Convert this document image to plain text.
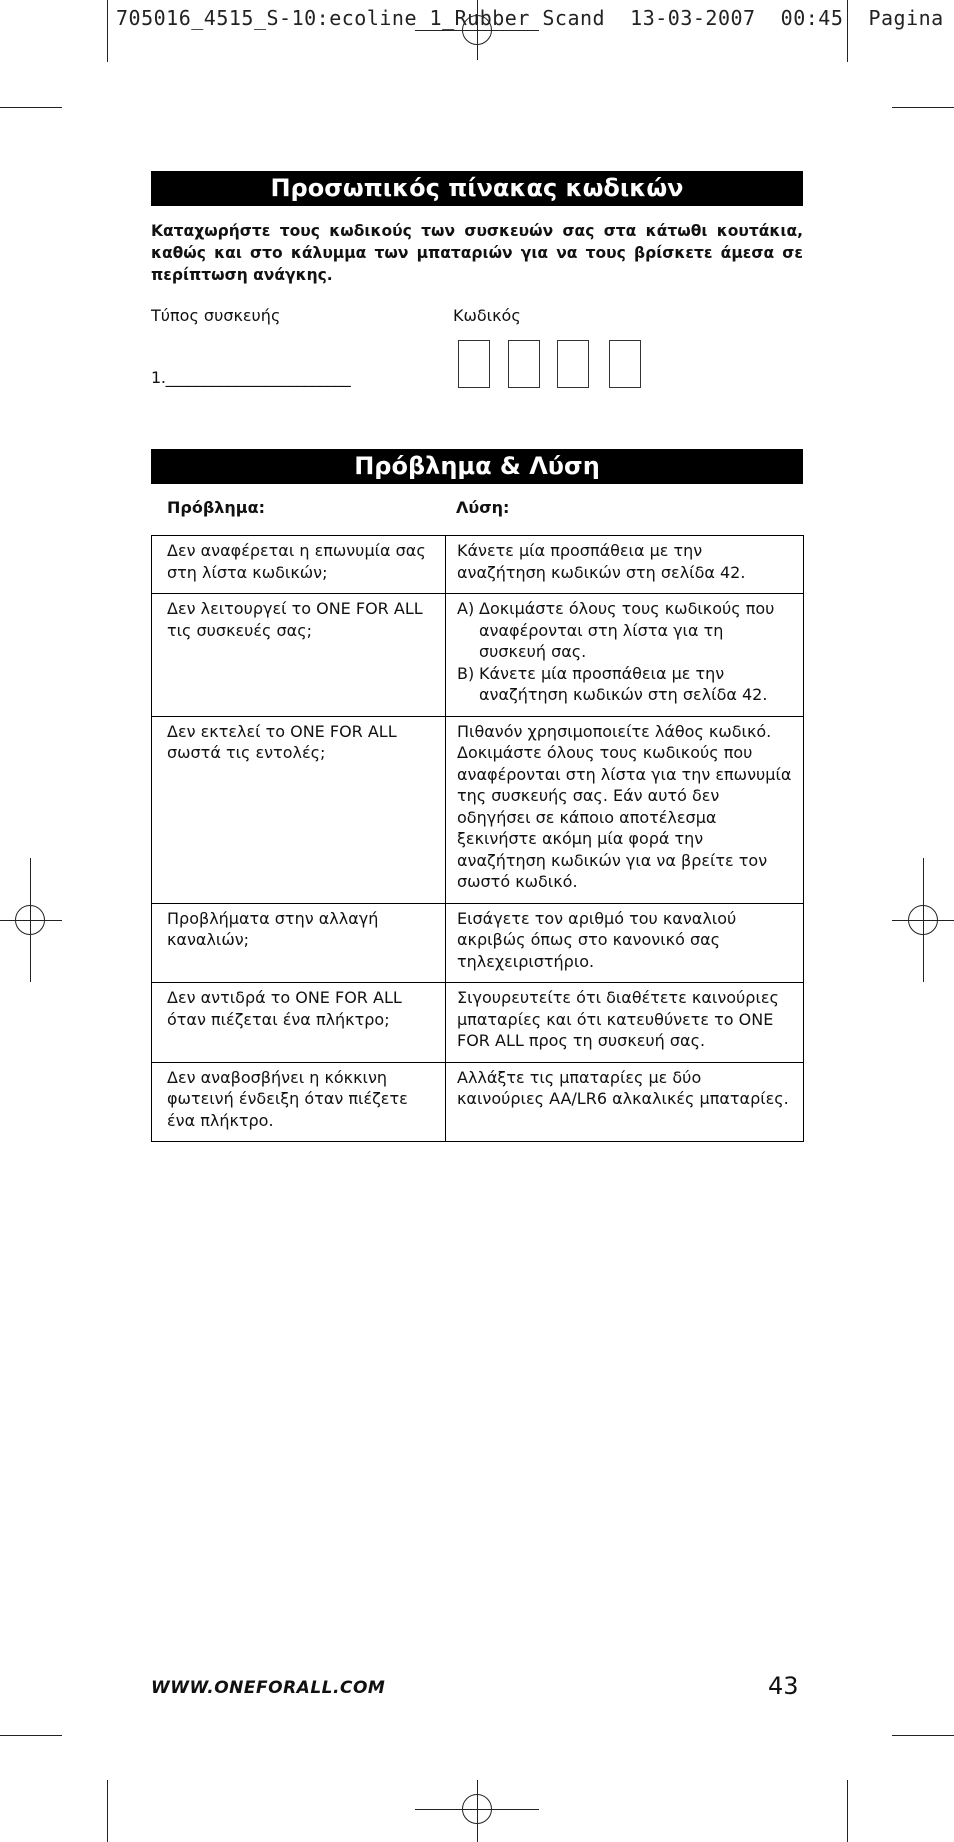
705016_4515_S-10:ecoline 1_Rubber Scand  13-03-2007  00:45  Pagina
Προσωπικός πίνακας κωδικών
Καταχωρήστε τους κωδικούς των συσκευών σας στα κάτωθι κουτάκια, καθώς και στο κάλυμμα των μπαταριών για να τους βρίσκετε άμεσα σε περίπτωση ανάγκης.
Τύπος συσκευής	Κωδικός
1.________________________
Πρόβλημα & Λύση
Πρόβλημα:	Λύση:
Δεν αναφέρεται η επωνυμία σας στη λίστα κωδικών;	Κάνετε μία προσπάθεια με την αναζήτηση κωδικών στη σελίδα 42.
Δεν λειτουργεί το ONE FOR ALL τις συσκευές σας;	A) Δοκιμάστε όλους τους κωδικούς που αναφέρονται στη λίστα για τη συσκευή σας.
B) Κάνετε μία προσπάθεια με την αναζήτηση κωδικών στη σελίδα 42.

Δεν εκτελεί το ONE FOR ALL σωστά τις εντολές;	Πιθανόν χρησιμοποιείτε λάθος κωδικό. Δοκιμάστε όλους τους κωδικούς που αναφέρονται στη λίστα για την επωνυμία της συσκευής σας. Εάν αυτό δεν οδηγήσει σε κάποιο αποτέλεσμα ξεκινήστε ακόμη μία φορά την αναζήτηση κωδικών για να βρείτε τον σωστό κωδικό.
Προβλήματα στην αλλαγή καναλιών;	Εισάγετε τον αριθμό του καναλιού ακριβώς όπως στο κανονικό σας τηλεχειριστήριο.
Δεν αντιδρά το ONE FOR ALL όταν πιέζεται ένα πλήκτρο;	Σιγουρευτείτε ότι διαθέτετε καινούριες μπαταρίες και ότι κατευθύνετε το ONE FOR ALL προς τη συσκευή σας.
Δεν αναβοσβήνει η κόκκινη φωτεινή ένδειξη όταν πιέζετε ένα πλήκτρο.	Αλλάξτε τις μπαταρίες με δύο καινούριες AA/LR6 αλκαλικές μπαταρίες.
WWW.ONEFORALL.COM	43
